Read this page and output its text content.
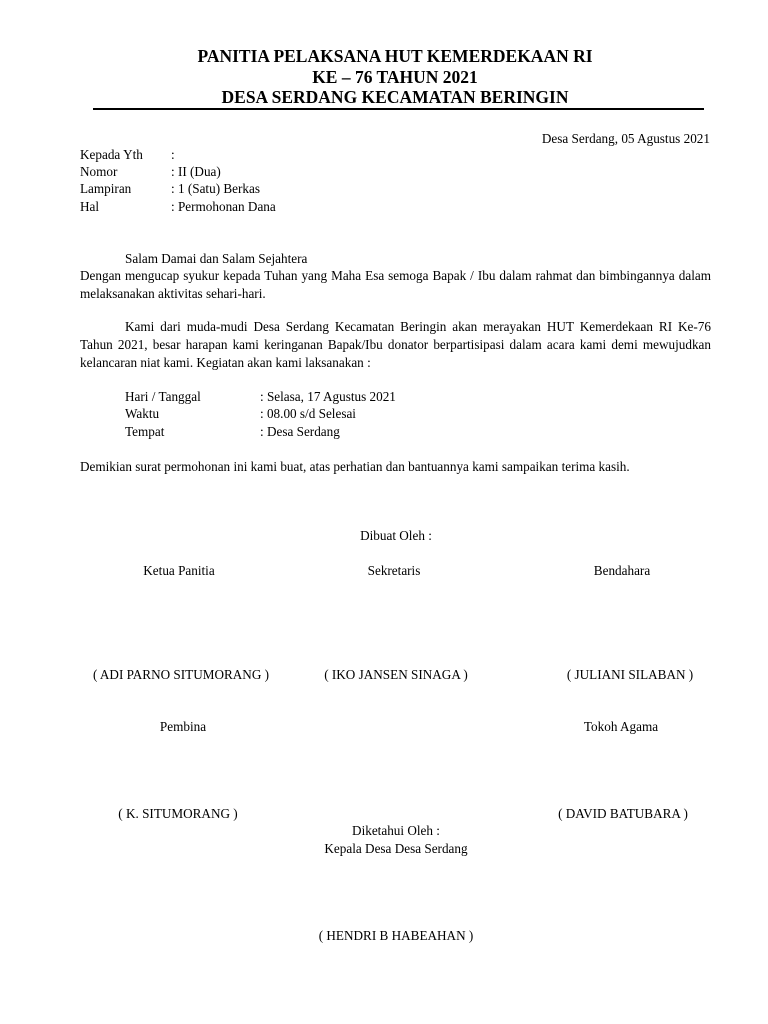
PANITIA PELAKSANA HUT KEMERDEKAAN RI
KE – 76 TAHUN 2021
DESA SERDANG KECAMATAN BERINGIN
Desa Serdang, 05 Agustus 2021
Kepada Yth :
Nomor	: II (Dua)
Lampiran	: 1 (Satu) Berkas
Hal	: Permohonan Dana
Salam Damai dan Salam Sejahtera
Dengan mengucap syukur kepada Tuhan yang Maha Esa semoga Bapak / Ibu dalam rahmat dan bimbingannya dalam melaksanakan aktivitas sehari-hari.
Kami dari muda-mudi Desa Serdang Kecamatan Beringin akan merayakan HUT Kemerdekaan RI Ke-76 Tahun 2021, besar harapan kami keringanan Bapak/Ibu donator berpartisipasi dalam acara kami demi mewujudkan kelancaran niat kami. Kegiatan akan kami laksanakan :
Hari / Tanggal	: Selasa, 17 Agustus 2021
Waktu	: 08.00 s/d Selesai
Tempat	: Desa Serdang
Demikian surat permohonan ini kami buat, atas perhatian dan bantuannya kami sampaikan terima kasih.
Dibuat Oleh :
Ketua Panitia	Sekretaris	Bendahara
( ADI PARNO SITUMORANG )	( IKO JANSEN SINAGA )	( JULIANI SILABAN )
Pembina	Tokoh Agama
( K. SITUMORANG )	( DAVID BATUBARA )
Diketahui Oleh :
Kepala Desa Desa Serdang
( HENDRI B HABEAHAN )
